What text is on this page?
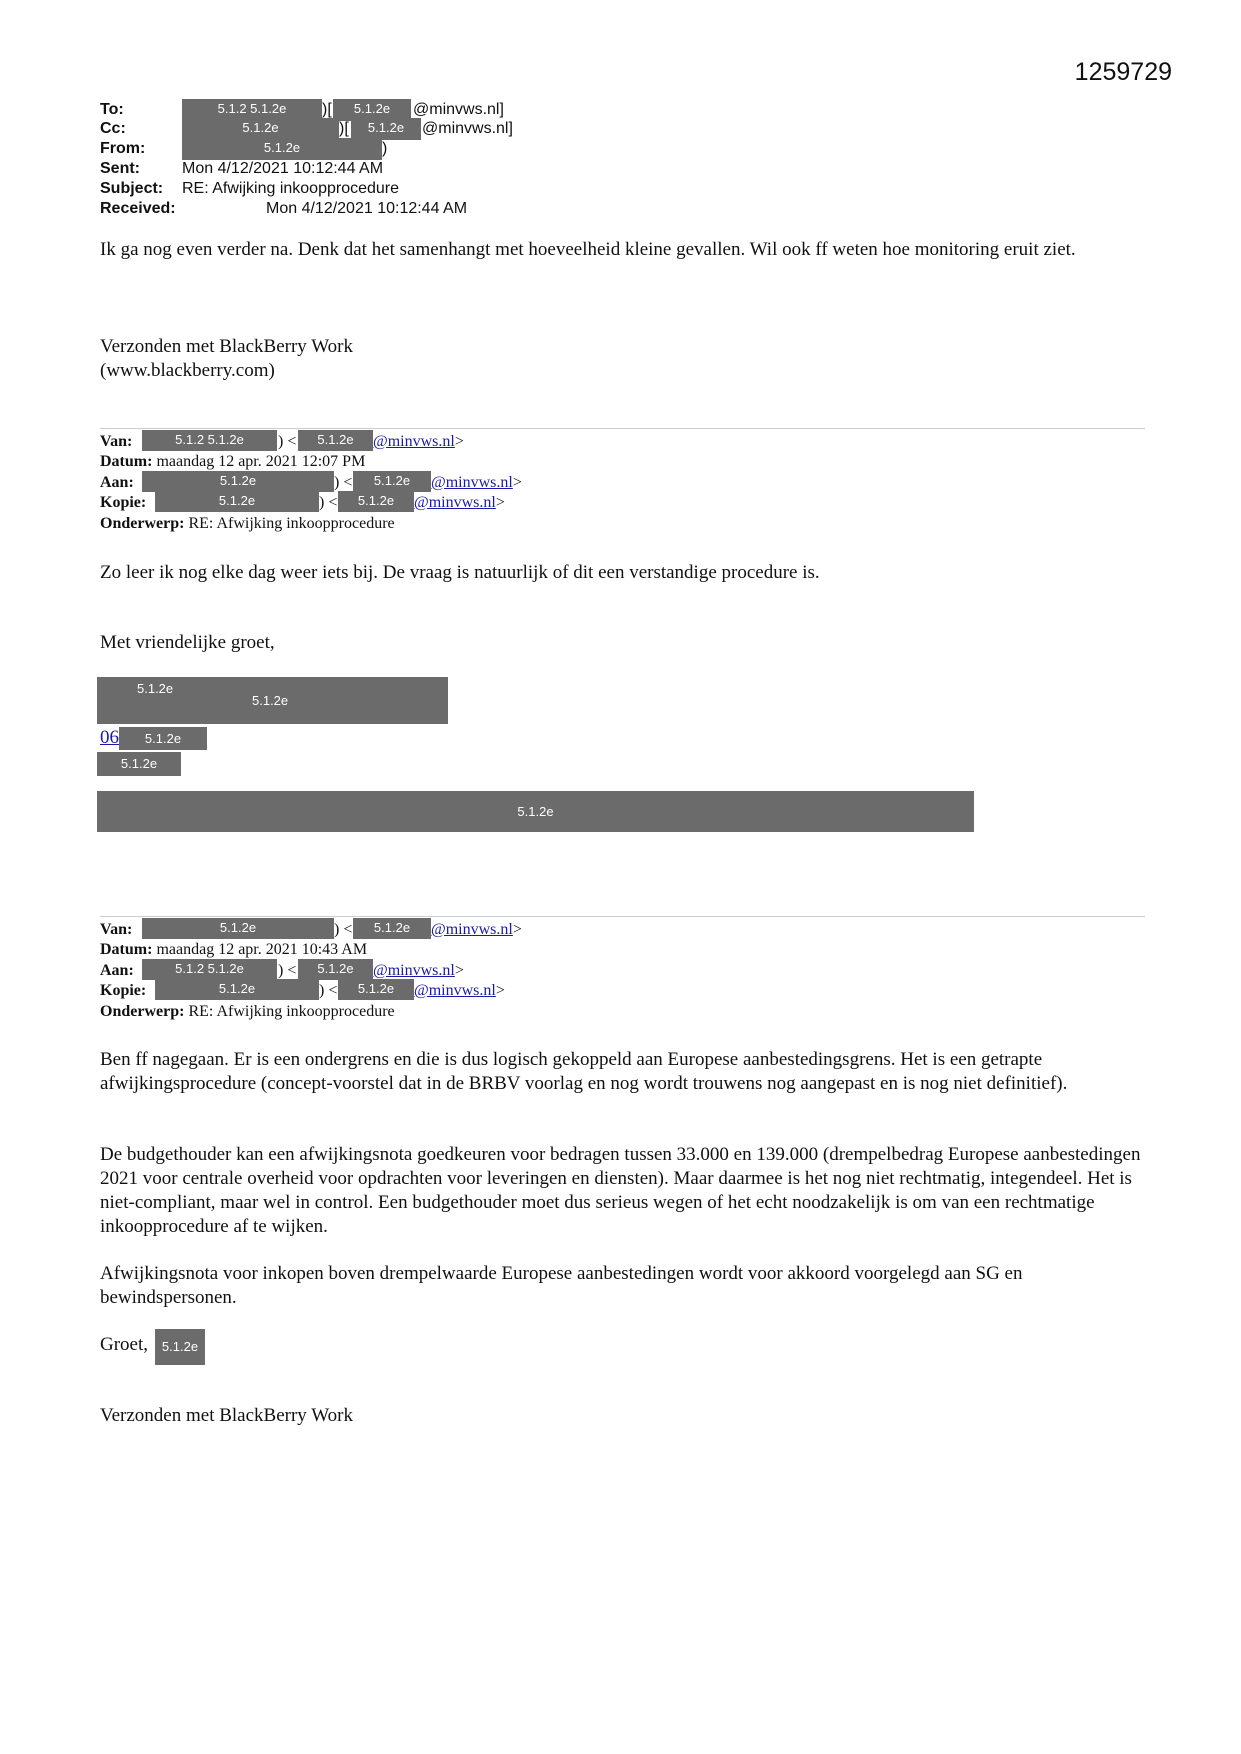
1259729
To:	5.1.2 5.1.2e	)[	5.1.2e	@minvws.nl]
Cc:	5.1.2e	)[	5.1.2e	@minvws.nl]
From:	5.1.2e	)
Sent:	Mon 4/12/2021 10:12:44 AM
Subject: RE: Afwijking inkoopprocedure
Received:	Mon 4/12/2021 10:12:44 AM

Ik ga nog even verder na. Denk dat het samenhangt met hoeveelheid kleine gevallen. Wil ook ff weten hoe monitoring eruit ziet.

Verzonden met BlackBerry Work

(www.blackberry.com)

Van:	5.1.2 5.1.2e	) <	5.1.2e	@minvws.nl>
Datum: maandag 12 apr. 2021 12:07 PM
Aan:	5.1.2e	) <	5.1.2e	@minvws.nl>
Kopie:	5.1.2e	) <	5.1.2e	@minvws.nl>
Onderwerp: RE: Afwijking inkoopprocedure

Zo leer ik nog elke dag weer iets bij. De vraag is natuurlijk of dit een verstandige procedure is.

Met vriendelijke groet,

5.1.2e
5.1.2e
06	5.1.2e
5.1.2e
5.1.2e
Van:	5.1.2e	) <	5.1.2e	@minvws.nl>
Datum: maandag 12 apr. 2021 10:43 AM
Aan:	5.1.2 5.1.2e	) <	5.1.2e	@minvws.nl>
Kopie:	5.1.2e	) <	5.1.2e	@minvws.nl>
Onderwerp: RE: Afwijking inkoopprocedure

Ben ff nagegaan. Er is een ondergrens en die is dus logisch gekoppeld aan Europese aanbestedingsgrens. Het is een getrapte afwijkingsprocedure (concept-voorstel dat in de BRBV voorlag en nog wordt trouwens nog aangepast en is nog niet definitief).

De budgethouder kan een afwijkingsnota goedkeuren voor bedragen tussen 33.000 en 139.000 (drempelbedrag Europese aanbestedingen 2021 voor centrale overheid voor opdrachten voor leveringen en diensten). Maar daarmee is het nog niet rechtmatig, integendeel. Het is niet-compliant, maar wel in control. Een budgethouder moet dus serieus wegen of het echt noodzakelijk is om van een rechtmatige inkoopprocedure af te wijken.

Afwijkingsnota voor inkopen boven drempelwaarde Europese aanbestedingen wordt voor akkoord voorgelegd aan SG en bewindspersonen.

Groet,	5.1.2e

Verzonden met BlackBerry Work
